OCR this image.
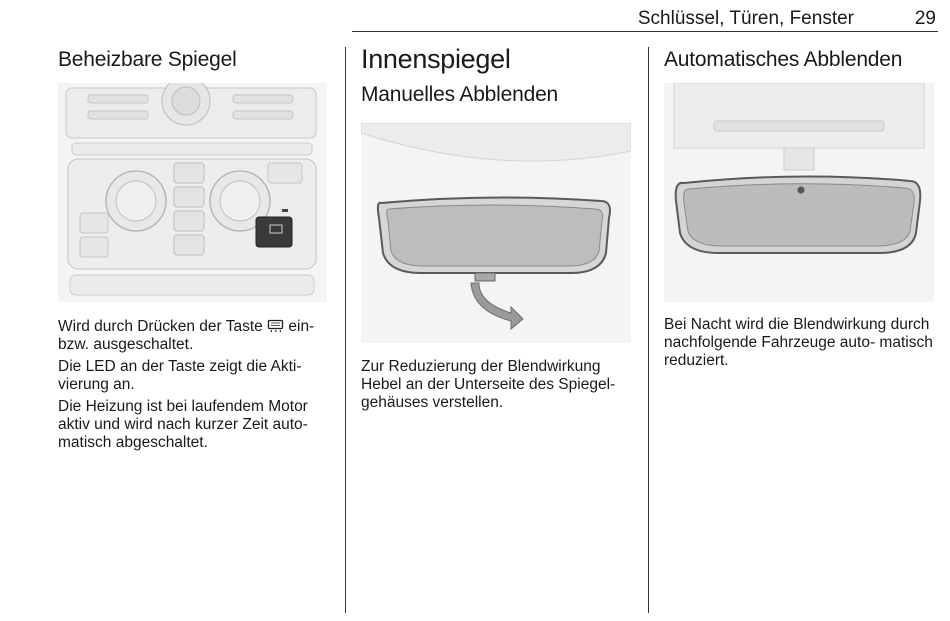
Schlüssel, Türen, Fenster	29
Beheizbare Spiegel

Wird durch Drücken der Taste ein- bzw. ausgeschaltet.

Die LED an der Taste zeigt die Akti- vierung an.

Die Heizung ist bei laufendem Motor aktiv und wird nach kurzer Zeit auto- matisch abgeschaltet.

Innenspiegel
Manuelles Abblenden

Zur Reduzierung der Blendwirkung Hebel an der Unterseite des Spiegel- gehäuses verstellen.

Automatisches Abblenden

Bei Nacht wird die Blendwirkung durch nachfolgende Fahrzeuge auto- matisch reduziert.
